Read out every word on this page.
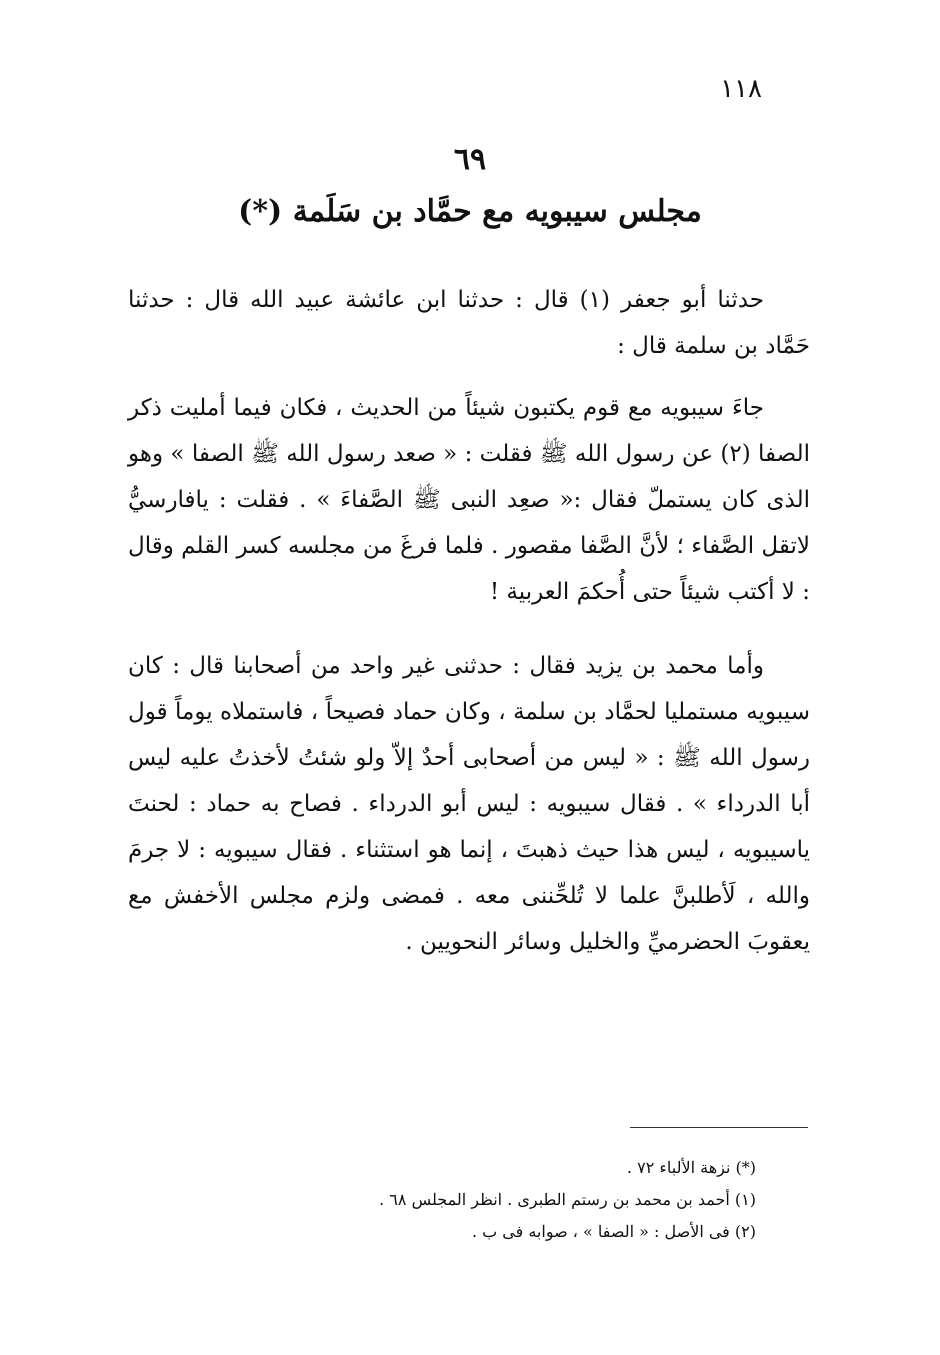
١١٨
٦٩
مجلس سيبويه مع حمَّاد بن سَلَمة (*)

حدثنا أبو جعفر (١) قال : حدثنا ابن عائشة عبيد الله قال : حدثنا حَمَّاد بن سلمة قال :

جاءَ سيبويه مع قوم يكتبون شيئاً من الحديث ، فكان فيما أمليت ذكر الصفا (٢) عن رسول الله ﷺ فقلت : « صعد رسول الله ﷺ الصفا » وهو الذى كان يستملّ فقال :« صعِد النبى ﷺ الصَّفاءَ » . فقلت : يافارسيُّ لاتقل الصَّفاء ؛ لأنَّ الصَّفا مقصور . فلما فرغَ من مجلسه كسر القلم وقال : لا أكتب شيئاً حتى أُحكمَ العربية !

وأما محمد بن يزيد فقال : حدثنى غير واحد من أصحابنا قال : كان سيبويه مستمليا لحمَّاد بن سلمة ، وكان حماد فصيحاً ، فاستملاه يوماً قول رسول الله ﷺ : « ليس من أصحابى أحدٌ إلاّ ولو شئتُ لأخذتُ عليه ليس أبا الدرداء » . فقال سيبويه : ليس أبو الدرداء . فصاح به حماد : لحنتَ ياسيبويه ، ليس هذا حيث ذهبتَ ، إنما هو استثناء . فقال سيبويه : لا جرمَ والله ، لَأطلبنَّ علما لا تُلحِّننى معه . فمضى ولزم مجلس الأخفش مع يعقوبَ الحضرميِّ والخليل وسائر النحويين .

(*) نزهة الألباء ٧٢ .
(١) أحمد بن محمد بن رستم الطبرى . انظر المجلس ٦٨ .
(٢) فى الأصل : « الصفا » ، صوابه فى ب .
